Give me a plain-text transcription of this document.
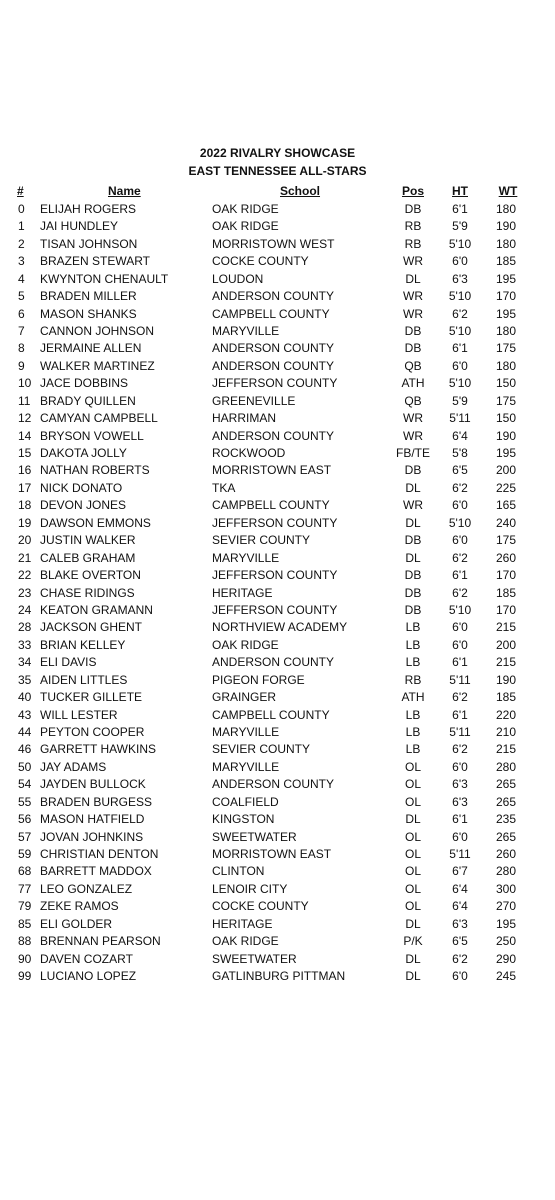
2022 RIVALRY SHOWCASE
EAST TENNESSEE ALL-STARS
#	Name	School	Pos	HT	WT
0	ELIJAH ROGERS	OAK RIDGE	DB	6'1	180
1	JAI HUNDLEY	OAK RIDGE	RB	5'9	190
2	TISAN JOHNSON	MORRISTOWN WEST	RB	5'10	180
3	BRAZEN STEWART	COCKE COUNTY	WR	6'0	185
4	KWYNTON CHENAULT	LOUDON	DL	6'3	195
5	BRADEN MILLER	ANDERSON COUNTY	WR	5'10	170
6	MASON SHANKS	CAMPBELL COUNTY	WR	6'2	195
7	CANNON JOHNSON	MARYVILLE	DB	5'10	180
8	JERMAINE ALLEN	ANDERSON COUNTY	DB	6'1	175
9	WALKER MARTINEZ	ANDERSON COUNTY	QB	6'0	180
10 JACE DOBBINS	JEFFERSON COUNTY	ATH	5'10	150
11 BRADY QUILLEN	GREENEVILLE	QB	5'9	175
12 CAMYAN CAMPBELL	HARRIMAN	WR	5'11	150
14 BRYSON VOWELL	ANDERSON COUNTY	WR	6'4	190
15 DAKOTA JOLLY	ROCKWOOD	FB/TE	5'8	195
16 NATHAN ROBERTS	MORRISTOWN EAST	DB	6'5	200
17 NICK DONATO	TKA	DL	6'2	225
18 DEVON JONES	CAMPBELL COUNTY	WR	6'0	165
19 DAWSON EMMONS	JEFFERSON COUNTY	DL	5'10	240
20 JUSTIN WALKER	SEVIER COUNTY	DB	6'0	175
21 CALEB GRAHAM	MARYVILLE	DL	6'2	260
22 BLAKE OVERTON	JEFFERSON COUNTY	DB	6'1	170
23 CHASE RIDINGS	HERITAGE	DB	6'2	185
24 KEATON GRAMANN	JEFFERSON COUNTY	DB	5'10	170
28 JACKSON GHENT	NORTHVIEW ACADEMY	LB	6'0	215
33 BRIAN KELLEY	OAK RIDGE	LB	6'0	200
34 ELI DAVIS	ANDERSON COUNTY	LB	6'1	215
35 AIDEN LITTLES	PIGEON FORGE	RB	5'11	190
40 TUCKER GILLETE	GRAINGER	ATH	6'2	185
43 WILL LESTER	CAMPBELL COUNTY	LB	6'1	220
44 PEYTON COOPER	MARYVILLE	LB	5'11	210
46 GARRETT HAWKINS	SEVIER COUNTY	LB	6'2	215
50 JAY ADAMS	MARYVILLE	OL	6'0	280
54 JAYDEN BULLOCK	ANDERSON COUNTY	OL	6'3	265
55 BRADEN BURGESS	COALFIELD	OL	6'3	265
56 MASON HATFIELD	KINGSTON	DL	6'1	235
57 JOVAN JOHNKINS	SWEETWATER	OL	6'0	265
59 CHRISTIAN DENTON	MORRISTOWN EAST	OL	5'11	260
68 BARRETT MADDOX	CLINTON	OL	6'7	280
77 LEO GONZALEZ	LENOIR CITY	OL	6'4	300
79 ZEKE RAMOS	COCKE COUNTY	OL	6'4	270
85 ELI GOLDER	HERITAGE	DL	6'3	195
88 BRENNAN PEARSON	OAK RIDGE	P/K	6'5	250
90 DAVEN COZART	SWEETWATER	DL	6'2	290
99 LUCIANO LOPEZ	GATLINBURG PITTMAN	DL	6'0	245
